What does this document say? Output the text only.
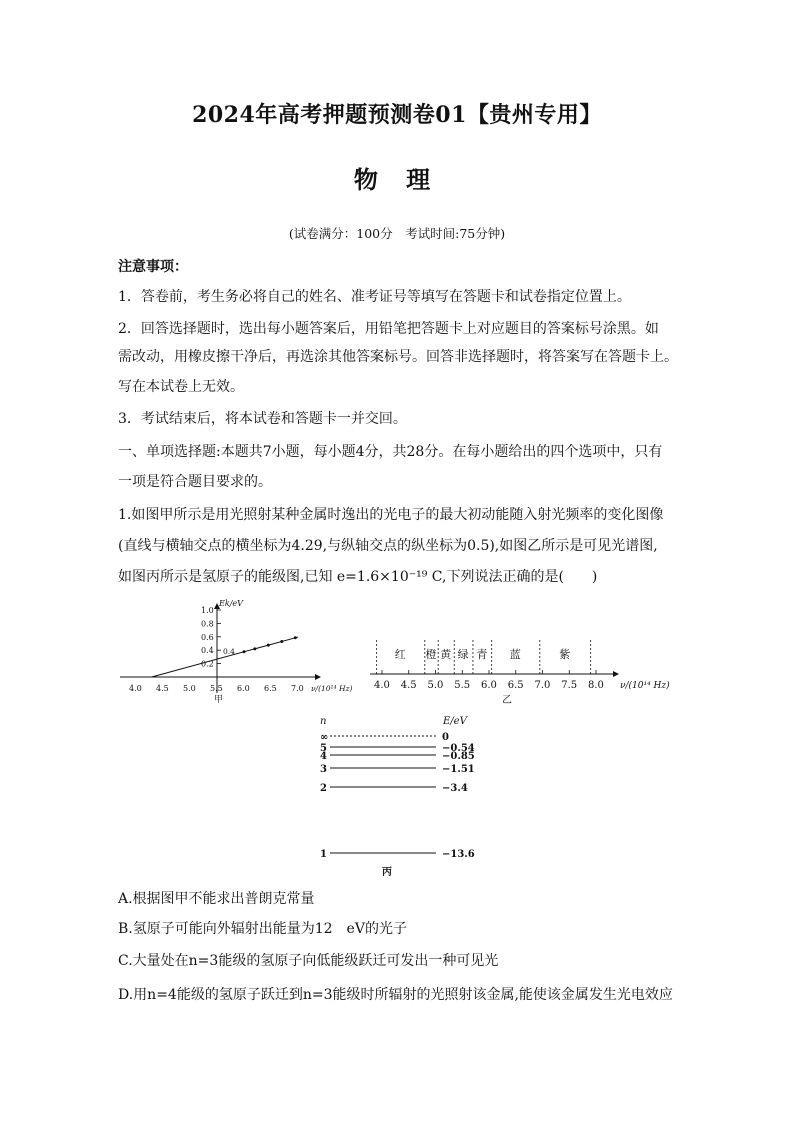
2024年高考押题预测卷01【贵州专用】
物 理
(试卷满分：100分　考试时间:75分钟)
注意事项：
1．答卷前，考生务必将自己的姓名、准考证号等填写在答题卡和试卷指定位置上。
2．回答选择题时，选出每小题答案后，用铅笔把答题卡上对应题目的答案标号涂黑。如
需改动，用橡皮擦干净后，再选涂其他答案标号。回答非选择题时，将答案写在答题卡上。
写在本试卷上无效。
3．考试结束后，将本试卷和答题卡一并交回。
一、单项选择题:本题共7小题，每小题4分，共28分。在每小题给出的四个选项中，只有
一项是符合题目要求的。
1.如图甲所示是用光照射某种金属时逸出的光电子的最大初动能随入射光频率的变化图像
(直线与横轴交点的横坐标为4.29,与纵轴交点的纵坐标为0.5),如图乙所示是可见光谱图,
如图丙所示是氢原子的能级图,已知 e=1.6×10⁻¹⁹ C,下列说法正确的是(　　)
0.2
0.4
0.6
0.8
1.0
4.0 4.5 5.0 5.5 6.0 6.5 7.0
Ek/eV
ν/(10¹⁴ Hz)
0.4
甲
红 橙 黄 绿 青 蓝	紫
4.0 4.5 5.0 5.5 6.0 6.5 7.0 7.5 8.0 ν/(10¹⁴ Hz)
乙
n	E/eV
∞	0
5	−0.54
4	−0.85
3	−1.51
2	−3.4
1	−13.6
丙
A.根据图甲不能求出普朗克常量
B.氢原子可能向外辐射出能量为12　eV的光子
C.大量处在n=3能级的氢原子向低能级跃迁可发出一种可见光
D.用n=4能级的氢原子跃迁到n=3能级时所辐射的光照射该金属,能使该金属发生光电效应
